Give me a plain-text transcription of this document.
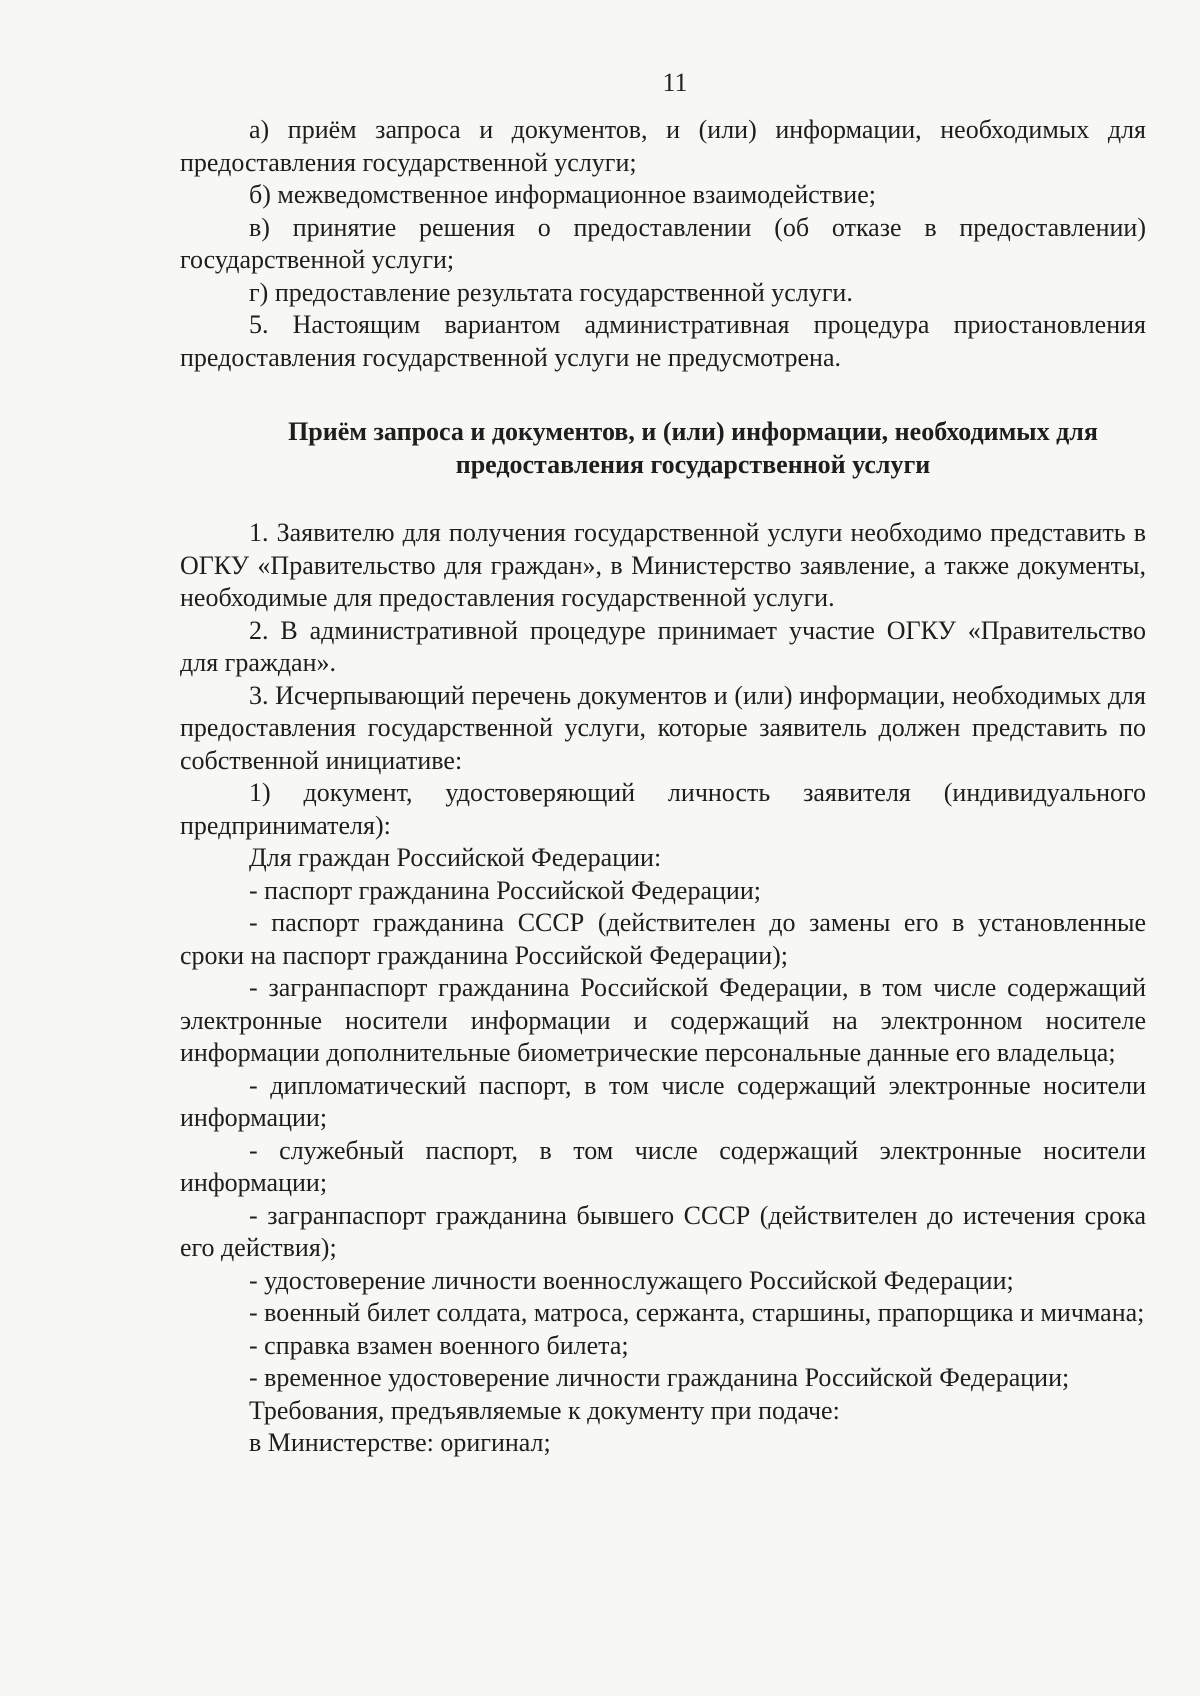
11

а) приём запроса и документов, и (или) информации, необходимых для предоставления государственной услуги;

б) межведомственное информационное взаимодействие;

в) принятие решения о предоставлении (об отказе в предоставлении) государственной услуги;

г) предоставление результата государственной услуги.

5. Настоящим вариантом административная процедура приостановления предоставления государственной услуги не предусмотрена.

Приём запроса и документов, и (или) информации, необходимых для
предоставления государственной услуги

1. Заявителю для получения государственной услуги необходимо представить в ОГКУ «Правительство для граждан», в Министерство заявление, а также документы, необходимые для предоставления государственной услуги.

2. В административной процедуре принимает участие ОГКУ «Правительство для граждан».

3. Исчерпывающий перечень документов и (или) информации, необходимых для предоставления государственной услуги, которые заявитель должен представить по собственной инициативе:

1) документ, удостоверяющий личность заявителя (индивидуального предпринимателя):

Для граждан Российской Федерации:

- паспорт гражданина Российской Федерации;

- паспорт гражданина СССР (действителен до замены его в установленные сроки на паспорт гражданина Российской Федерации);

- загранпаспорт гражданина Российской Федерации, в том числе содержащий электронные носители информации и содержащий на электронном носителе информации дополнительные биометрические персональные данные его владельца;

- дипломатический паспорт, в том числе содержащий электронные носители информации;

- служебный паспорт, в том числе содержащий электронные носители информации;

- загранпаспорт гражданина бывшего СССР (действителен до истечения срока его действия);

- удостоверение личности военнослужащего Российской Федерации;

- военный билет солдата, матроса, сержанта, старшины, прапорщика и мичмана;

- справка взамен военного билета;

- временное удостоверение личности гражданина Российской Федерации;

Требования, предъявляемые к документу при подаче:

в Министерстве: оригинал;
